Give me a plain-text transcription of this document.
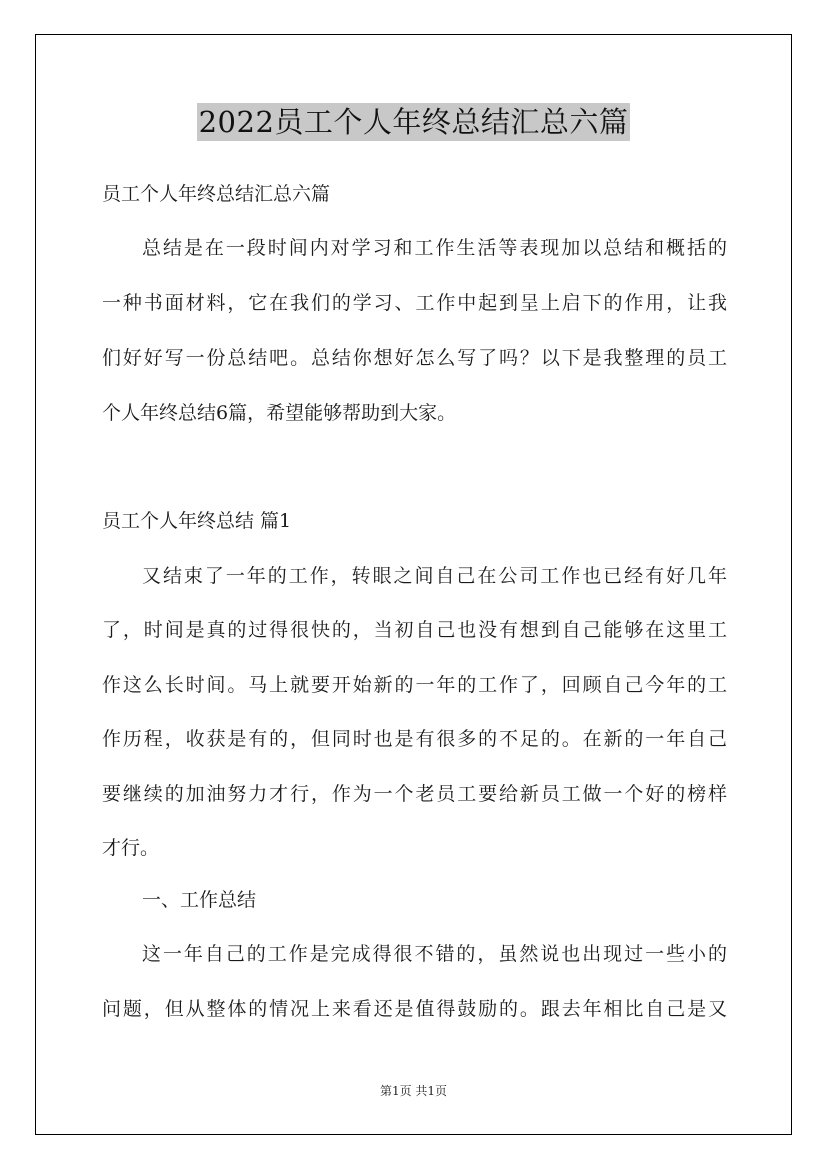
2022员工个人年终总结汇总六篇
员工个人年终总结汇总六篇
总结是在一段时间内对学习和工作生活等表现加以总结和概括的
一种书面材料，它在我们的学习、工作中起到呈上启下的作用，让我
们好好写一份总结吧。总结你想好怎么写了吗？以下是我整理的员工
个人年终总结6篇，希望能够帮助到大家。
员工个人年终总结 篇1
又结束了一年的工作，转眼之间自己在公司工作也已经有好几年
了，时间是真的过得很快的，当初自己也没有想到自己能够在这里工
作这么长时间。马上就要开始新的一年的工作了，回顾自己今年的工
作历程，收获是有的，但同时也是有很多的不足的。在新的一年自己
要继续的加油努力才行，作为一个老员工要给新员工做一个好的榜样
才行。
一、工作总结
这一年自己的工作是完成得很不错的，虽然说也出现过一些小的
问题，但从整体的情况上来看还是值得鼓励的。跟去年相比自己是又
第1页 共1页
